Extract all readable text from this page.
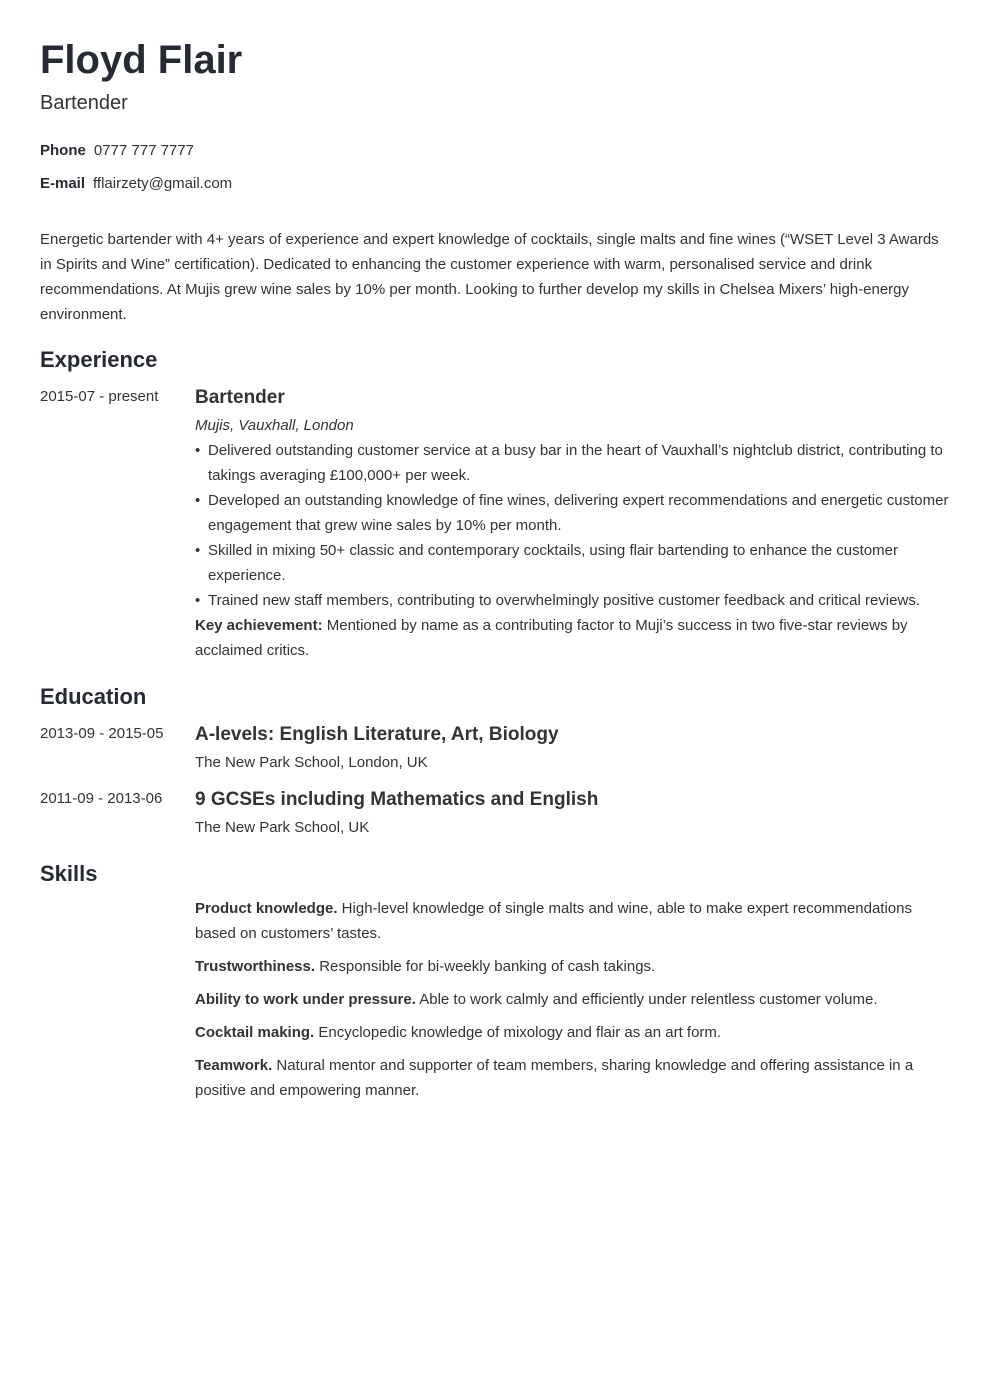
Floyd Flair
Bartender
Phone 0777 777 7777
E-mail fflairzety@gmail.com
Energetic bartender with 4+ years of experience and expert knowledge of cocktails, single malts and fine wines (“WSET Level 3 Awards in Spirits and Wine” certification). Dedicated to enhancing the customer experience with warm, personalised service and drink recommendations. At Mujis grew wine sales by 10% per month. Looking to further develop my skills in Chelsea Mixers’ high-energy environment.
Experience
2015-07 - present Bartender
Mujis, Vauxhall, London
• Delivered outstanding customer service at a busy bar in the heart of Vauxhall’s nightclub district, contributing to takings averaging £100,000+ per week.
• Developed an outstanding knowledge of fine wines, delivering expert recommendations and energetic customer engagement that grew wine sales by 10% per month.
• Skilled in mixing 50+ classic and contemporary cocktails, using flair bartending to enhance the customer experience.
• Trained new staff members, contributing to overwhelmingly positive customer feedback and critical reviews.
Key achievement: Mentioned by name as a contributing factor to Muji’s success in two five-star reviews by acclaimed critics.
Education
2013-09 - 2015-05 A-levels: English Literature, Art, Biology
The New Park School, London, UK
2011-09 - 2013-06 9 GCSEs including Mathematics and English
The New Park School, UK
Skills
Product knowledge. High-level knowledge of single malts and wine, able to make expert recommendations based on customers’ tastes.
Trustworthiness. Responsible for bi-weekly banking of cash takings.
Ability to work under pressure. Able to work calmly and efficiently under relentless customer volume.
Cocktail making. Encyclopedic knowledge of mixology and flair as an art form.
Teamwork. Natural mentor and supporter of team members, sharing knowledge and offering assistance in a positive and empowering manner.
